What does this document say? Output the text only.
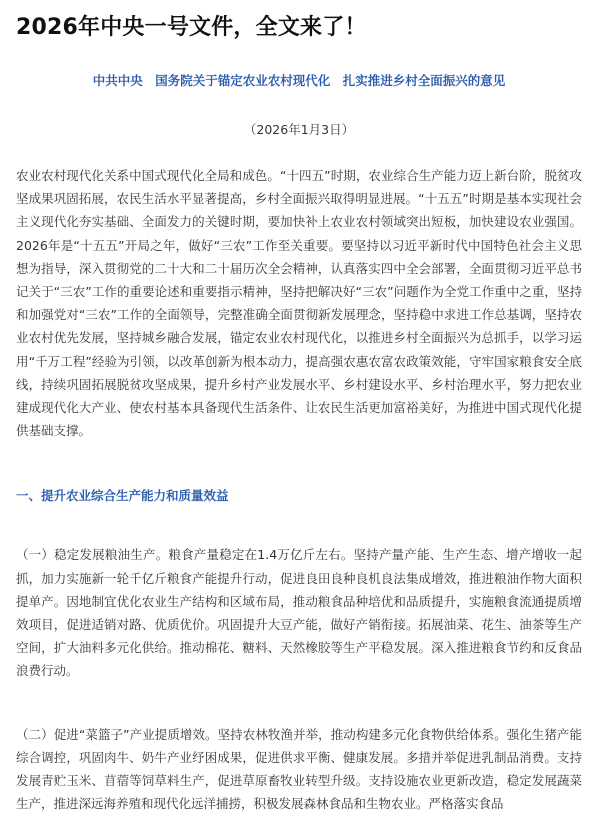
2026年中央一号文件，全文来了！

中共中央　国务院关于锚定农业农村现代化　扎实推进乡村全面振兴的意见

（2026年1月3日）

农业农村现代化关系中国式现代化全局和成色。“十四五”时期，农业综合生产能力迈上新台阶，脱贫攻坚成果巩固拓展，农民生活水平显著提高，乡村全面振兴取得明显进展。“十五五”时期是基本实现社会主义现代化夯实基础、全面发力的关键时期，要加快补上农业农村领域突出短板，加快建设农业强国。2026年是“十五五”开局之年，做好“三农”工作至关重要。要坚持以习近平新时代中国特色社会主义思想为指导，深入贯彻党的二十大和二十届历次全会精神，认真落实四中全会部署，全面贯彻习近平总书记关于“三农”工作的重要论述和重要指示精神，坚持把解决好“三农”问题作为全党工作重中之重，坚持和加强党对“三农”工作的全面领导，完整准确全面贯彻新发展理念，坚持稳中求进工作总基调，坚持农业农村优先发展，坚持城乡融合发展，锚定农业农村现代化，以推进乡村全面振兴为总抓手，以学习运用“千万工程”经验为引领，以改革创新为根本动力，提高强农惠农富农政策效能，守牢国家粮食安全底线，持续巩固拓展脱贫攻坚成果，提升乡村产业发展水平、乡村建设水平、乡村治理水平，努力把农业建成现代化大产业、使农村基本具备现代生活条件、让农民生活更加富裕美好，为推进中国式现代化提供基础支撑。

一、提升农业综合生产能力和质量效益

（一）稳定发展粮油生产。粮食产量稳定在1.4万亿斤左右。坚持产量产能、生产生态、增产增收一起抓，加力实施新一轮千亿斤粮食产能提升行动，促进良田良种良机良法集成增效，推进粮油作物大面积提单产。因地制宜优化农业生产结构和区域布局，推动粮食品种培优和品质提升，实施粮食流通提质增效项目，促进适销对路、优质优价。巩固提升大豆产能，做好产销衔接。拓展油菜、花生、油茶等生产空间，扩大油料多元化供给。推动棉花、糖料、天然橡胶等生产平稳发展。深入推进粮食节约和反食品浪费行动。

（二）促进“菜篮子”产业提质增效。坚持农林牧渔并举，推动构建多元化食物供给体系。强化生猪产能综合调控，巩固肉牛、奶牛产业纾困成果，促进供求平衡、健康发展。多措并举促进乳制品消费。支持发展青贮玉米、苜蓿等饲草料生产，促进草原畜牧业转型升级。支持设施农业更新改造，稳定发展蔬菜生产，推进深远海养殖和现代化远洋捕捞，积极发展森林食品和生物农业。严格落实食品
